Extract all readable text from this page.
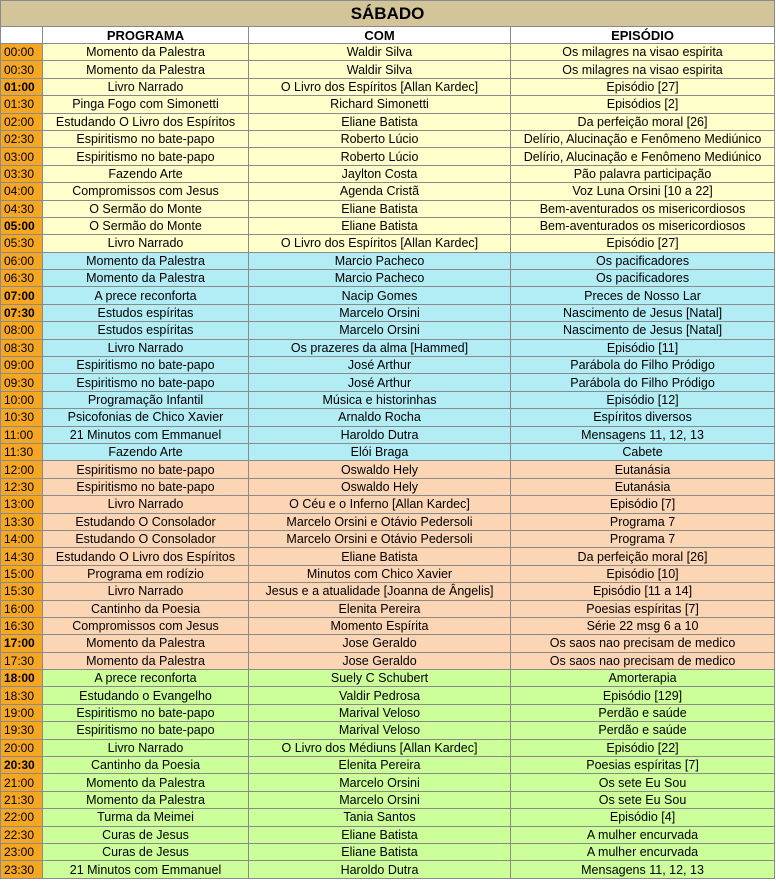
SÁBADO			
	PROGRAMA	COM	EPISÓDIO
00:00	Momento da Palestra	Waldir Silva	Os milagres na visao espirita
00:30	Momento da Palestra	Waldir Silva	Os milagres na visao espirita
01:00	Livro Narrado	O Livro dos Espíritos [Allan Kardec]	Episódio [27]
01:30	Pinga Fogo com Simonetti	Richard Simonetti	Episódios [2]
02:00	Estudando O Livro dos Espíritos	Eliane Batista	Da perfeição moral [26]
02:30	Espiritismo no bate-papo	Roberto Lúcio	Delírio, Alucinação e Fenômeno Mediúnico
03:00	Espiritismo no bate-papo	Roberto Lúcio	Delírio, Alucinação e Fenômeno Mediúnico
03:30	Fazendo Arte	Jaylton Costa	Pão palavra participação
04:00	Compromissos com Jesus	Agenda Cristã	Voz Luna Orsini [10 a 22]
04:30	O Sermão do Monte	Eliane Batista	Bem-aventurados os misericordiosos
05:00	O Sermão do Monte	Eliane Batista	Bem-aventurados os misericordiosos
05:30	Livro Narrado	O Livro dos Espíritos [Allan Kardec]	Episódio [27]
06:00	Momento da Palestra	Marcio Pacheco	Os pacificadores
06:30	Momento da Palestra	Marcio Pacheco	Os pacificadores
07:00	A prece reconforta	Nacip Gomes	Preces de Nosso Lar
07:30	Estudos espíritas	Marcelo Orsini	Nascimento de Jesus [Natal]
08:00	Estudos espíritas	Marcelo Orsini	Nascimento de Jesus [Natal]
08:30	Livro Narrado	Os prazeres da alma [Hammed]	Episódio [11]
09:00	Espiritismo no bate-papo	José Arthur	Parábola do Filho Pródigo
09:30	Espiritismo no bate-papo	José Arthur	Parábola do Filho Pródigo
10:00	Programação Infantil	Música e historinhas	Episódio [12]
10:30	Psicofonias de Chico Xavier	Arnaldo Rocha	Espíritos diversos
11:00	21 Minutos com Emmanuel	Haroldo Dutra	Mensagens 11, 12, 13
11:30	Fazendo Arte	Elói Braga	Cabete
12:00	Espiritismo no bate-papo	Oswaldo Hely	Eutanásia
12:30	Espiritismo no bate-papo	Oswaldo Hely	Eutanásia
13:00	Livro Narrado	O Céu e o Inferno [Allan Kardec]	Episódio [7]
13:30	Estudando O Consolador	Marcelo Orsini e Otávio Pedersoli	Programa 7
14:00	Estudando O Consolador	Marcelo Orsini e Otávio Pedersoli	Programa 7
14:30	Estudando O Livro dos Espíritos	Eliane Batista	Da perfeição moral [26]
15:00	Programa em rodízio	Minutos com Chico Xavier	Episódio [10]
15:30	Livro Narrado	Jesus e a atualidade [Joanna de Ângelis]	Episódio [11 a 14]
16:00	Cantinho da Poesia	Elenita Pereira	Poesias espíritas [7]
16:30	Compromissos com Jesus	Momento Espírita	Série 22 msg 6 a 10
17:00	Momento da Palestra	Jose Geraldo	Os saos nao precisam de medico
17:30	Momento da Palestra	Jose Geraldo	Os saos nao precisam de medico
18:00	A prece reconforta	Suely C Schubert	Amorterapia
18:30	Estudando o Evangelho	Valdir Pedrosa	Episódio [129]
19:00	Espiritismo no bate-papo	Marival Veloso	Perdão e saúde
19:30	Espiritismo no bate-papo	Marival Veloso	Perdão e saúde
20:00	Livro Narrado	O Livro dos Médiuns [Allan Kardec]	Episódio [22]
20:30	Cantinho da Poesia	Elenita Pereira	Poesias espíritas [7]
21:00	Momento da Palestra	Marcelo Orsini	Os sete Eu Sou
21:30	Momento da Palestra	Marcelo Orsini	Os sete Eu Sou
22:00	Turma da Meimei	Tania Santos	Episódio [4]
22:30	Curas de Jesus	Eliane Batista	A mulher encurvada
23:00	Curas de Jesus	Eliane Batista	A mulher encurvada
23:30	21 Minutos com Emmanuel	Haroldo Dutra	Mensagens 11, 12, 13
